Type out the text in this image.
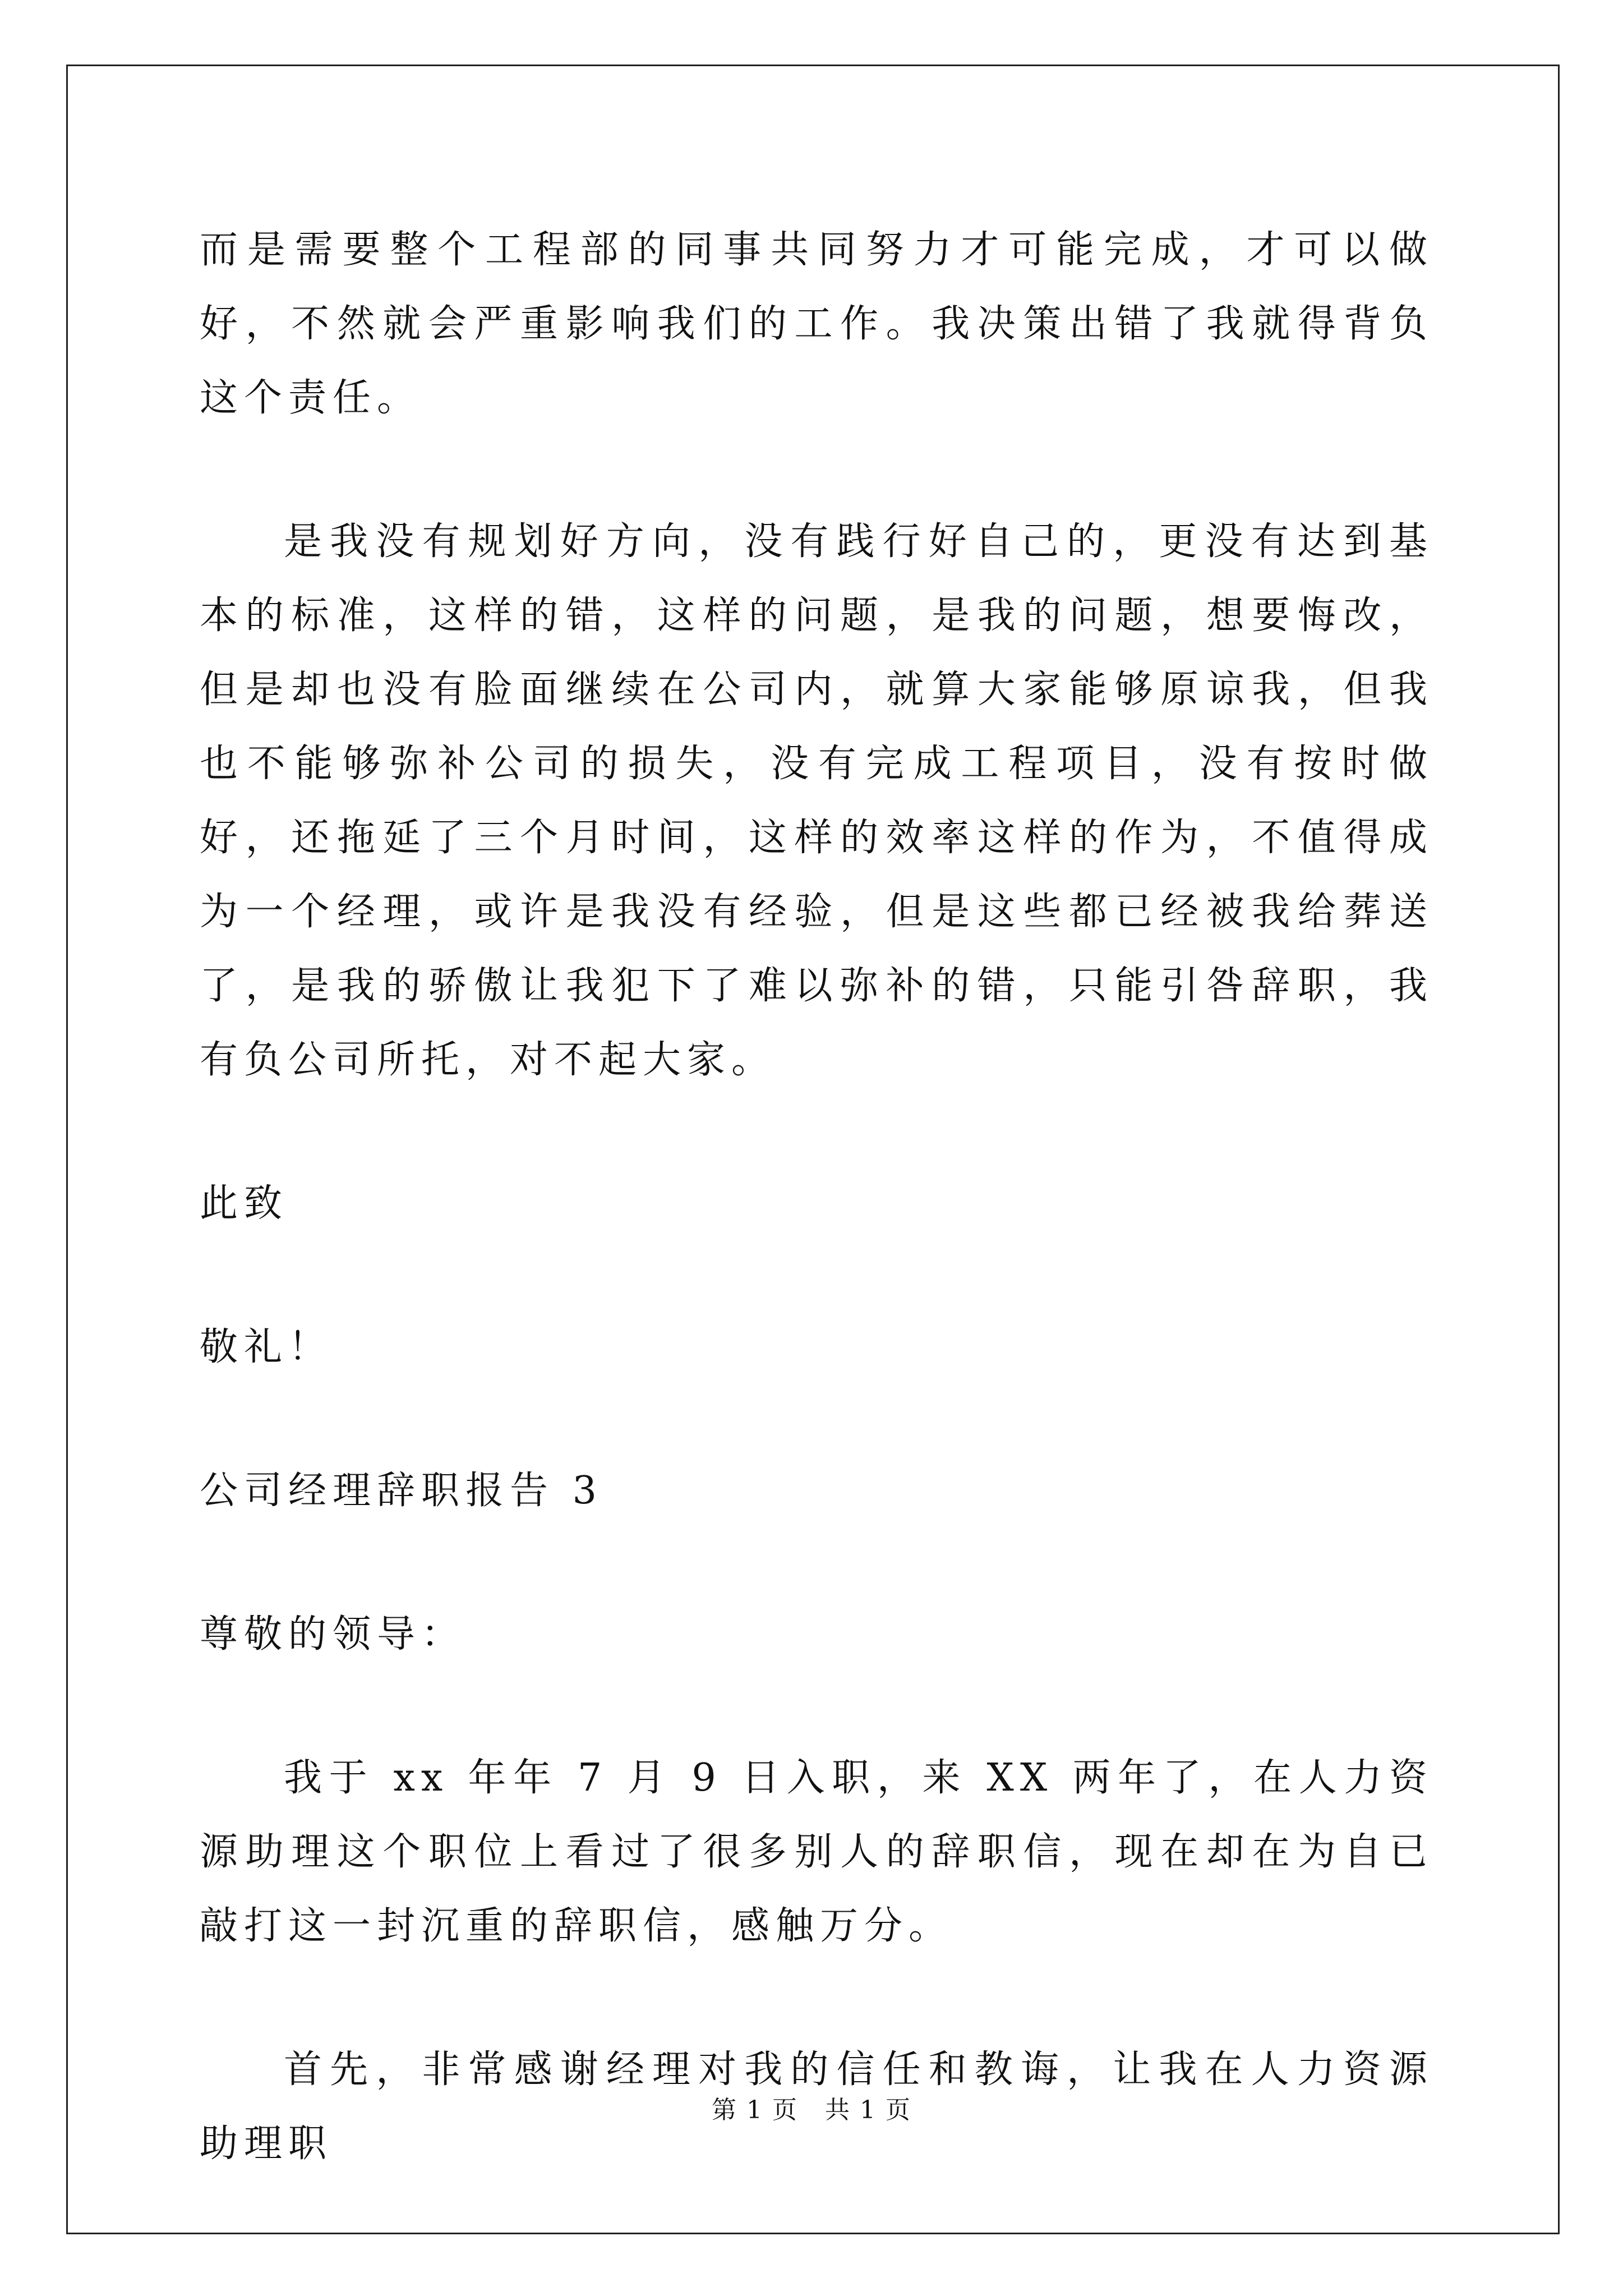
而是需要整个工程部的同事共同努力才可能完成，才可以做好，不然就会严重影响我们的工作。我决策出错了我就得背负这个责任。

是我没有规划好方向，没有践行好自己的，更没有达到基本的标准，这样的错，这样的问题，是我的问题，想要悔改，但是却也没有脸面继续在公司内，就算大家能够原谅我，但我也不能够弥补公司的损失，没有完成工程项目，没有按时做好，还拖延了三个月时间，这样的效率这样的作为，不值得成为一个经理，或许是我没有经验，但是这些都已经被我给葬送了，是我的骄傲让我犯下了难以弥补的错，只能引咎辞职，我有负公司所托，对不起大家。

此致

敬礼！

公司经理辞职报告 3

尊敬的领导：

我于 xx 年年 7 月 9 日入职，来 XX 两年了，在人力资源助理这个职位上看过了很多别人的辞职信，现在却在为自已敲打这一封沉重的辞职信，感触万分。

首先，非常感谢经理对我的信任和教诲，让我在人力资源助理职

第 1 页 共 1 页
